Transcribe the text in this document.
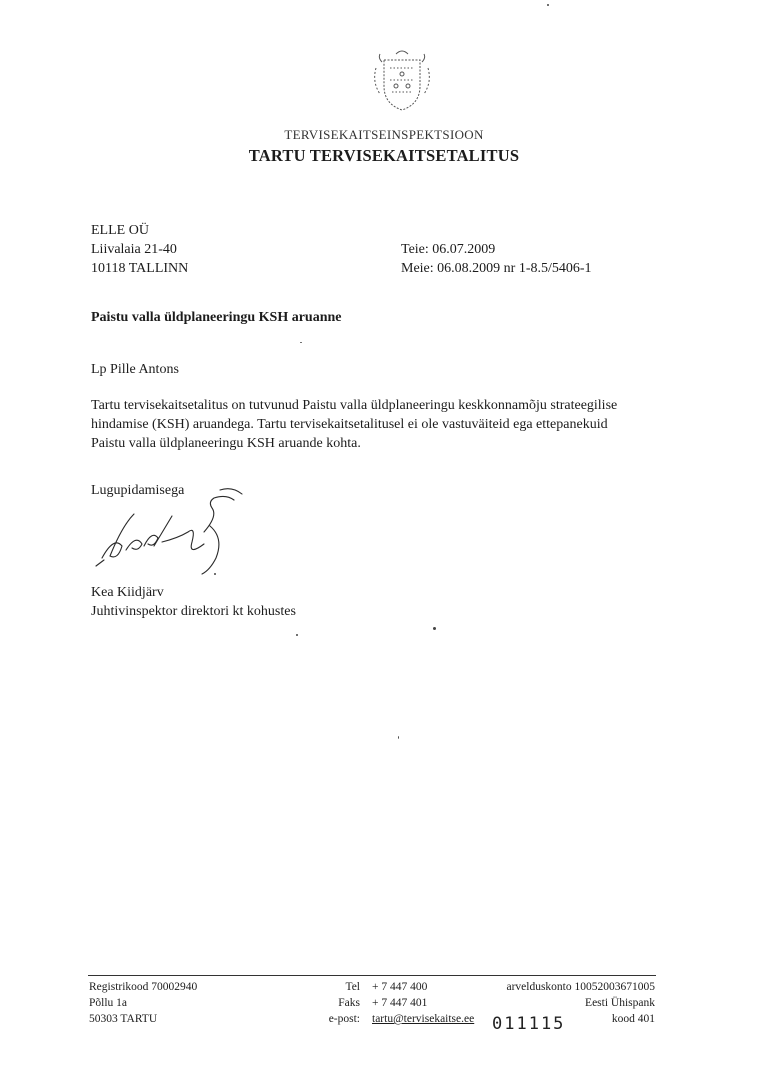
TERVISEKAITSEINSPEKTSIOON
TARTU TERVISEKAITSETALITUS
ELLE OÜ
Liivalaia 21-40
10118 TALLINN
Teie: 06.07.2009
Meie: 06.08.2009 nr 1-8.5/5406-1
Paistu valla üldplaneeringu KSH aruanne
Lp Pille Antons
Tartu tervisekaitsetalitus on tutvunud Paistu valla üldplaneeringu keskkonnamõju strateegilise
hindamise (KSH) aruandega. Tartu tervisekaitsetalitusel ei ole vastuväiteid ega ettepanekuid
Paistu valla üldplaneeringu KSH aruande kohta.
Lugupidamisega
Kea Kiidjärv
Juhtivinspektor direktori kt kohustes
Registrikood 70002940
Põllu 1a
50303 TARTU
Tel
Faks
e-post:
+ 7 447 400
+ 7 447 401
tartu@tervisekaitse.ee
arvelduskonto 10052003671005
Eesti Ühispank
kood 401
011115
